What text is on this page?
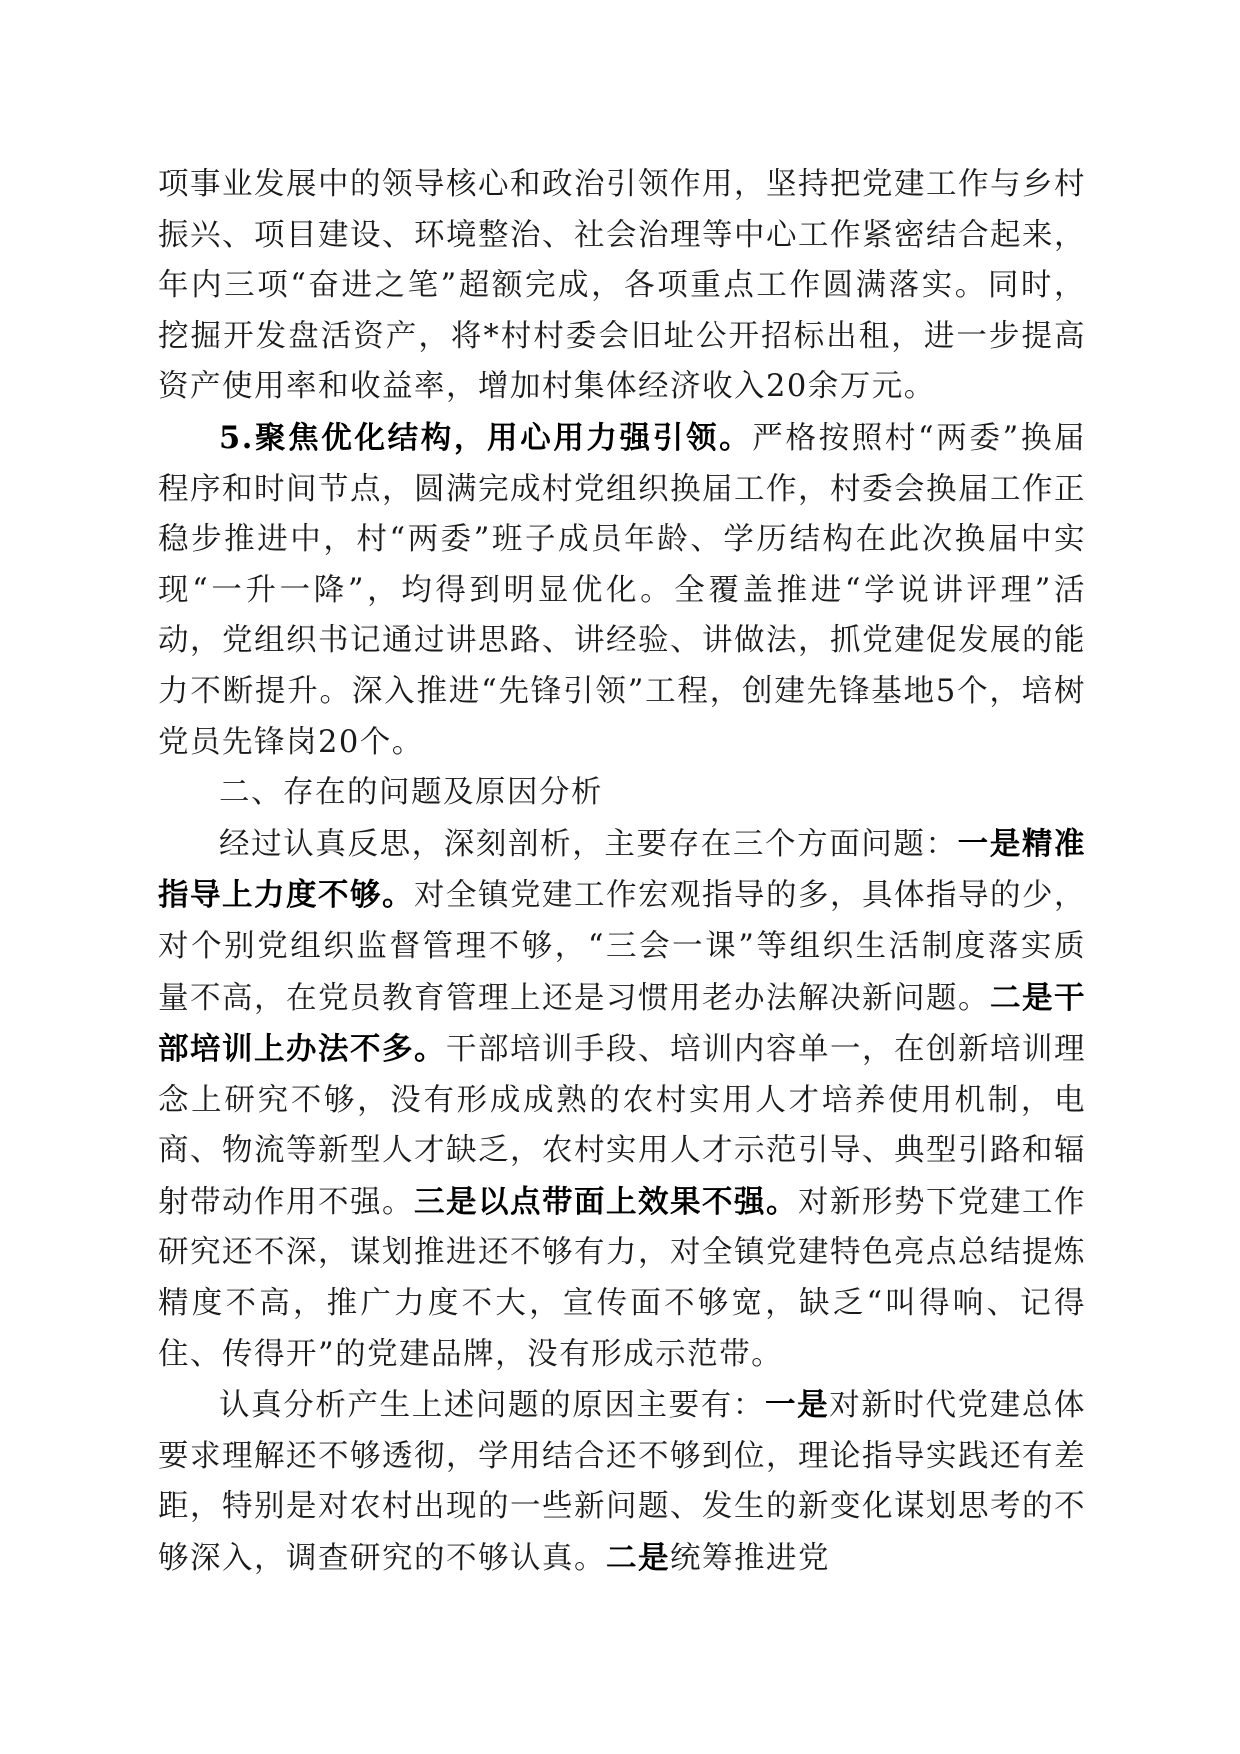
项事业发展中的领导核心和政治引领作用，坚持把党建工作与乡村振兴、项目建设、环境整治、社会治理等中心工作紧密结合起来，年内三项“奋进之笔”超额完成，各项重点工作圆满落实。同时，挖掘开发盘活资产，将*村村委会旧址公开招标出租，进一步提高资产使用率和收益率，增加村集体经济收入20余万元。

5.聚焦优化结构，用心用力强引领。严格按照村“两委”换届程序和时间节点，圆满完成村党组织换届工作，村委会换届工作正稳步推进中，村“两委”班子成员年龄、学历结构在此次换届中实现“一升一降”，均得到明显优化。全覆盖推进“学说讲评理”活动，党组织书记通过讲思路、讲经验、讲做法，抓党建促发展的能力不断提升。深入推进“先锋引领”工程，创建先锋基地5个，培树党员先锋岗20个。

二、存在的问题及原因分析

经过认真反思，深刻剖析，主要存在三个方面问题：一是精准指导上力度不够。对全镇党建工作宏观指导的多，具体指导的少，对个别党组织监督管理不够，“三会一课”等组织生活制度落实质量不高，在党员教育管理上还是习惯用老办法解决新问题。二是干部培训上办法不多。干部培训手段、培训内容单一，在创新培训理念上研究不够，没有形成成熟的农村实用人才培养使用机制，电商、物流等新型人才缺乏，农村实用人才示范引导、典型引路和辐射带动作用不强。三是以点带面上效果不强。对新形势下党建工作研究还不深，谋划推进还不够有力，对全镇党建特色亮点总结提炼精度不高，推广力度不大，宣传面不够宽，缺乏“叫得响、记得住、传得开”的党建品牌，没有形成示范带。

认真分析产生上述问题的原因主要有：一是对新时代党建总体要求理解还不够透彻，学用结合还不够到位，理论指导实践还有差距，特别是对农村出现的一些新问题、发生的新变化谋划思考的不够深入，调查研究的不够认真。二是统筹推进党
